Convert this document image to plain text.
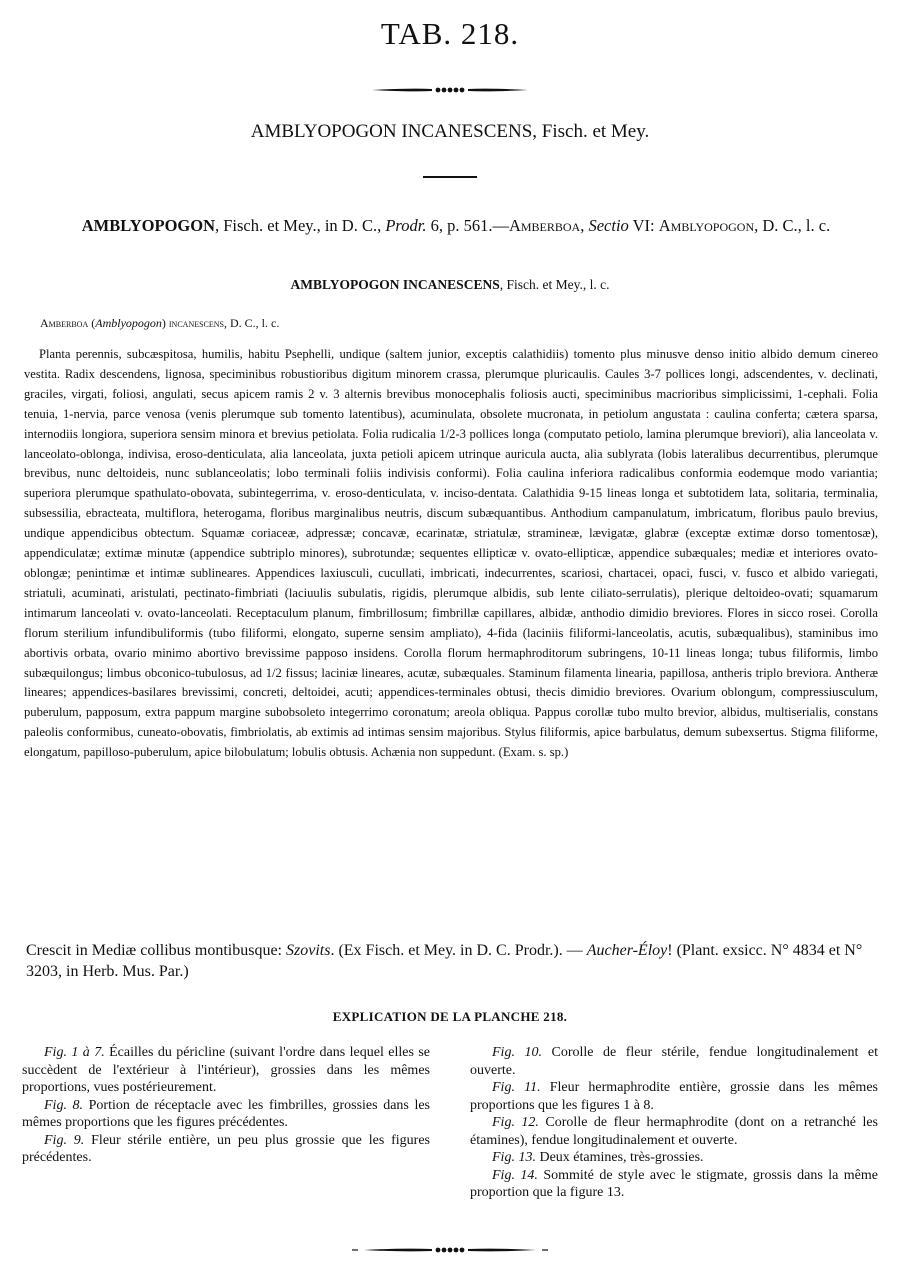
TAB. 218.
AMBLYOPOGON INCANESCENS, Fisch. et Mey.

AMBLYOPOGON, Fisch. et Mey., in D. C., Prodr. 6, p. 561.—Amberboa, Sectio VI: Amblyopogon, D. C., l. c.

AMBLYOPOGON INCANESCENS, Fisch. et Mey., l. c.

Amberboa (Amblyopogon) incanescens, D. C., l. c.

Planta perennis, subcæspitosa, humilis, habitu Psephelli, undique (saltem junior, exceptis calathidiis) tomento plus minusve denso initio albido demum cinereo vestita. Radix descendens, lignosa, speciminibus robustioribus digitum minorem crassa, plerumque pluricaulis. Caules 3-7 pollices longi, adscendentes, v. declinati, graciles, virgati, foliosi, angulati, secus apicem ramis 2 v. 3 alternis brevibus monocephalis foliosis aucti, speciminibus macrioribus simplicissimi, 1-cephali. Folia tenuia, 1-nervia, parce venosa (venis plerumque sub tomento latentibus), acuminulata, obsolete mucronata, in petiolum angustata : caulina conferta; cætera sparsa, internodiis longiora, superiora sensim minora et brevius petiolata. Folia rudicalia 1/2-3 pollices longa (computato petiolo, lamina plerumque breviori), alia lanceolata v. lanceolato-oblonga, indivisa, eroso-denticulata, alia lanceolata, juxta petioli apicem utrinque auricula aucta, alia sublyrata (lobis lateralibus decurrentibus, plerumque brevibus, nunc deltoideis, nunc sublanceolatis; lobo terminali foliis indivisis conformi). Folia caulina inferiora radicalibus conformia eodemque modo variantia; superiora plerumque spathulato-obovata, subintegerrima, v. eroso-denticulata, v. inciso-dentata. Calathidia 9-15 lineas longa et subtotidem lata, solitaria, terminalia, subsessilia, ebracteata, multiflora, heterogama, floribus marginalibus neutris, discum subæquantibus. Anthodium campanulatum, imbricatum, floribus paulo brevius, undique appendicibus obtectum. Squamæ coriaceæ, adpressæ; concavæ, ecarinatæ, striatulæ, stramineæ, lævigatæ, glabræ (exceptæ extimæ dorso tomentosæ), appendiculatæ; extimæ minutæ (appendice subtriplo minores), subrotundæ; sequentes ellipticæ v. ovato-ellipticæ, appendice subæquales; mediæ et interiores ovato-oblongæ; penintimæ et intimæ sublineares. Appendices laxiusculi, cucullati, imbricati, indecurrentes, scariosi, chartacei, opaci, fusci, v. fusco et albido variegati, striatuli, acuminati, aristulati, pectinato-fimbriati (laciuulis subulatis, rigidis, plerumque albidis, sub lente ciliato-serrulatis), plerique deltoideo-ovati; squamarum intimarum lanceolati v. ovato-lanceolati. Receptaculum planum, fimbrillosum; fimbrillæ capillares, albidæ, anthodio dimidio breviores. Flores in sicco rosei. Corolla florum sterilium infundibuliformis (tubo filiformi, elongato, superne sensim ampliato), 4-fida (laciniis filiformi-lanceolatis, acutis, subæqualibus), staminibus imo abortivis orbata, ovario minimo abortivo brevissime papposo insidens. Corolla florum hermaphroditorum subringens, 10-11 lineas longa; tubus filiformis, limbo subæquilongus; limbus obconico-tubulosus, ad 1/2 fissus; laciniæ lineares, acutæ, subæquales. Staminum filamenta linearia, papillosa, antheris triplo breviora. Antheræ lineares; appendices-basilares brevissimi, concreti, deltoidei, acuti; appendices-terminales obtusi, thecis dimidio breviores. Ovarium oblongum, compressiusculum, puberulum, papposum, extra pappum margine subobsoleto integerrimo coronatum; areola obliqua. Pappus corollæ tubo multo brevior, albidus, multiserialis, constans paleolis conformibus, cuneato-obovatis, fimbriolatis, ab extimis ad intimas sensim majoribus. Stylus filiformis, apice barbulatus, demum subexsertus. Stigma filiforme, elongatum, papilloso-puberulum, apice bilobulatum; lobulis obtusis. Achænia non suppedunt. (Exam. s. sp.)

Crescit in Mediæ collibus montibusque: Szovits. (Ex Fisch. et Mey. in D. C. Prodr.). — Aucher-Éloy! (Plant. exsicc. N° 4834 et N° 3203, in Herb. Mus. Par.)

EXPLICATION DE LA PLANCHE 218.

Fig. 1 à 7. Écailles du péricline (suivant l'ordre dans lequel elles se succèdent de l'extérieur à l'intérieur), grossies dans les mêmes proportions, vues postérieurement.

Fig. 8. Portion de réceptacle avec les fimbrilles, grossies dans les mêmes proportions que les figures précédentes.

Fig. 9. Fleur stérile entière, un peu plus grossie que les figures précédentes.

Fig. 10. Corolle de fleur stérile, fendue longitudinalement et ouverte.

Fig. 11. Fleur hermaphrodite entière, grossie dans les mêmes proportions que les figures 1 à 8.

Fig. 12. Corolle de fleur hermaphrodite (dont on a retranché les étamines), fendue longitudinalement et ouverte.

Fig. 13. Deux étamines, très-grossies.

Fig. 14. Sommité de style avec le stigmate, grossis dans la même proportion que la figure 13.
